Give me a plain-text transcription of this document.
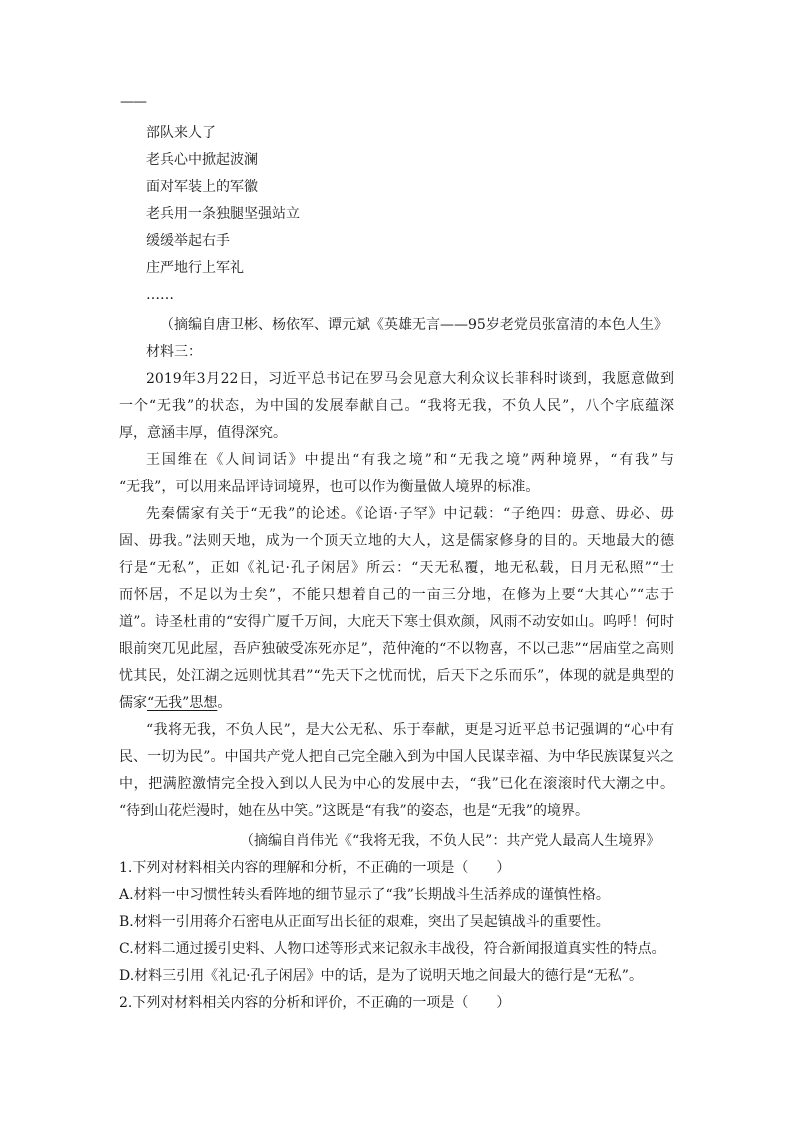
——
部队来人了
老兵心中掀起波澜
面对军装上的军徽
老兵用一条独腿坚强站立
缓缓举起右手
庄严地行上军礼
……
（摘编自唐卫彬、杨依军、谭元斌《英雄无言——95岁老党员张富清的本色人生》
材料三：
2019年3月22日，习近平总书记在罗马会见意大利众议长菲科时谈到，我愿意做到
一个“无我”的状态，为中国的发展奉献自己。“我将无我，不负人民”，八个字底蕴深
厚，意涵丰厚，值得深究。
王国维在《人间词话》中提出“有我之境”和“无我之境”两种境界，“有我”与
“无我”，可以用来品评诗词境界，也可以作为衡量做人境界的标准。
先秦儒家有关于“无我”的论述。《论语·子罕》中记载：“子绝四：毋意、毋必、毋
固、毋我。”法则天地，成为一个顶天立地的大人，这是儒家修身的目的。天地最大的德
行是“无私”，正如《礼记·孔子闲居》所云：“天无私覆，地无私载，日月无私照”“士
而怀居，不足以为士矣”，不能只想着自己的一亩三分地，在修为上要“大其心”“志于
道”。诗圣杜甫的“安得广厦千万间，大庇天下寒士俱欢颜，风雨不动安如山。呜呼！何时
眼前突兀见此屋，吾庐独破受冻死亦足”，范仲淹的“不以物喜，不以己悲”“居庙堂之高则
忧其民，处江湖之远则忧其君”“先天下之忧而忧，后天下之乐而乐”，体现的就是典型的
儒家“无我”思想。
“我将无我，不负人民”，是大公无私、乐于奉献，更是习近平总书记强调的“心中有
民、一切为民”。中国共产党人把自己完全融入到为中国人民谋幸福、为中华民族谋复兴之
中，把满腔激情完全投入到以人民为中心的发展中去，“我”已化在滚滚时代大潮之中。
“待到山花烂漫时，她在丛中笑。”这既是“有我”的姿态，也是“无我”的境界。
（摘编自肖伟光《“我将无我，不负人民”：共产党人最高人生境界》
1.下列对材料相关内容的理解和分析，不正确的一项是（　　）
A.材料一中习惯性转头看阵地的细节显示了“我”长期战斗生活养成的谨慎性格。
B.材料一引用蒋介石密电从正面写出长征的艰难，突出了吴起镇战斗的重要性。
C.材料二通过援引史料、人物口述等形式来记叙永丰战役，符合新闻报道真实性的特点。
D.材料三引用《礼记·孔子闲居》中的话，是为了说明天地之间最大的德行是“无私”。
2.下列对材料相关内容的分析和评价，不正确的一项是（　　）
